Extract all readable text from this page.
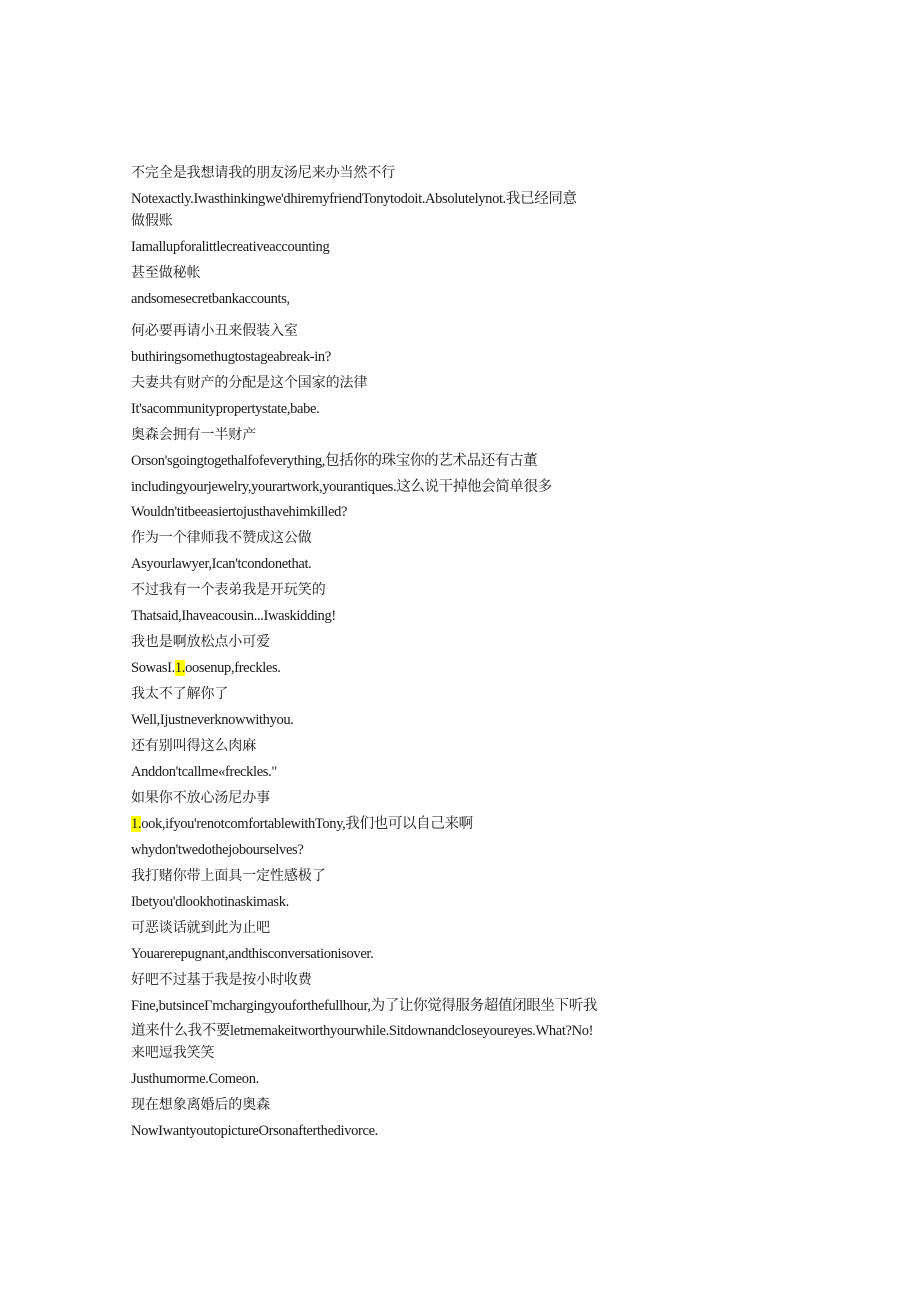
不完全是我想请我的朋友汤尼来办当然不行
Notexactly.Iwasthinkingwe'dhiremyfriendTonytodoit.Absolutelynot.我已经同意
做假账
Iamallupforalittlecreativeaccounting
甚至做秘帐
andsomesecretbankaccounts,
何必要再请小丑来假装入室
buthiringsomethugtostageabreak-in?
夫妻共有财产的分配是这个国家的法律
It'sacommunitypropertystate,babe.
奥森会拥有一半财产
Orson'sgoingtogethalfofeverything,包括你的珠宝你的艺术品还有古董
includingyourjewelry,yourartwork,yourantiques.这么说干掉他会简单很多
Wouldn'titbeeasiertojusthavehimkilled?
作为一个律师我不赞成这公做
Asyourlawyer,Ican'tcondonethat.
不过我有一个表弟我是开玩笑的
Thatsaid,Ihaveacousin...Iwaskidding!
我也是啊放松点小可爱
SowasI.1.oosenup,freckles.
我太不了解你了
Well,Ijustneverknowwithyou.
还有别叫得这么肉麻
Anddon'tcallme«freckles."
如果你不放心汤尼办事
1.ook,ifyou'renotcomfortablewithTony,我们也可以自己来啊
whydon'twedothejobourselves?
我打赌你带上面具一定性感极了
Ibetyou'dlookhotinaskimask.
可恶谈话就到此为止吧
Youarerepugnant,andthisconversationisover.
好吧不过基于我是按小时收费
Fine,butsinceΓmchargingyouforthefullhour,为了让你觉得服务超值闭眼坐下听我
道来什么我不要letmemakeitworthyourwhile.Sitdownandcloseyoureyes.What?No!
来吧逗我笑笑
Justhumorme.Comeon.
现在想象离婚后的奥森
NowIwantyoutopictureOrsonafterthedivorce.
